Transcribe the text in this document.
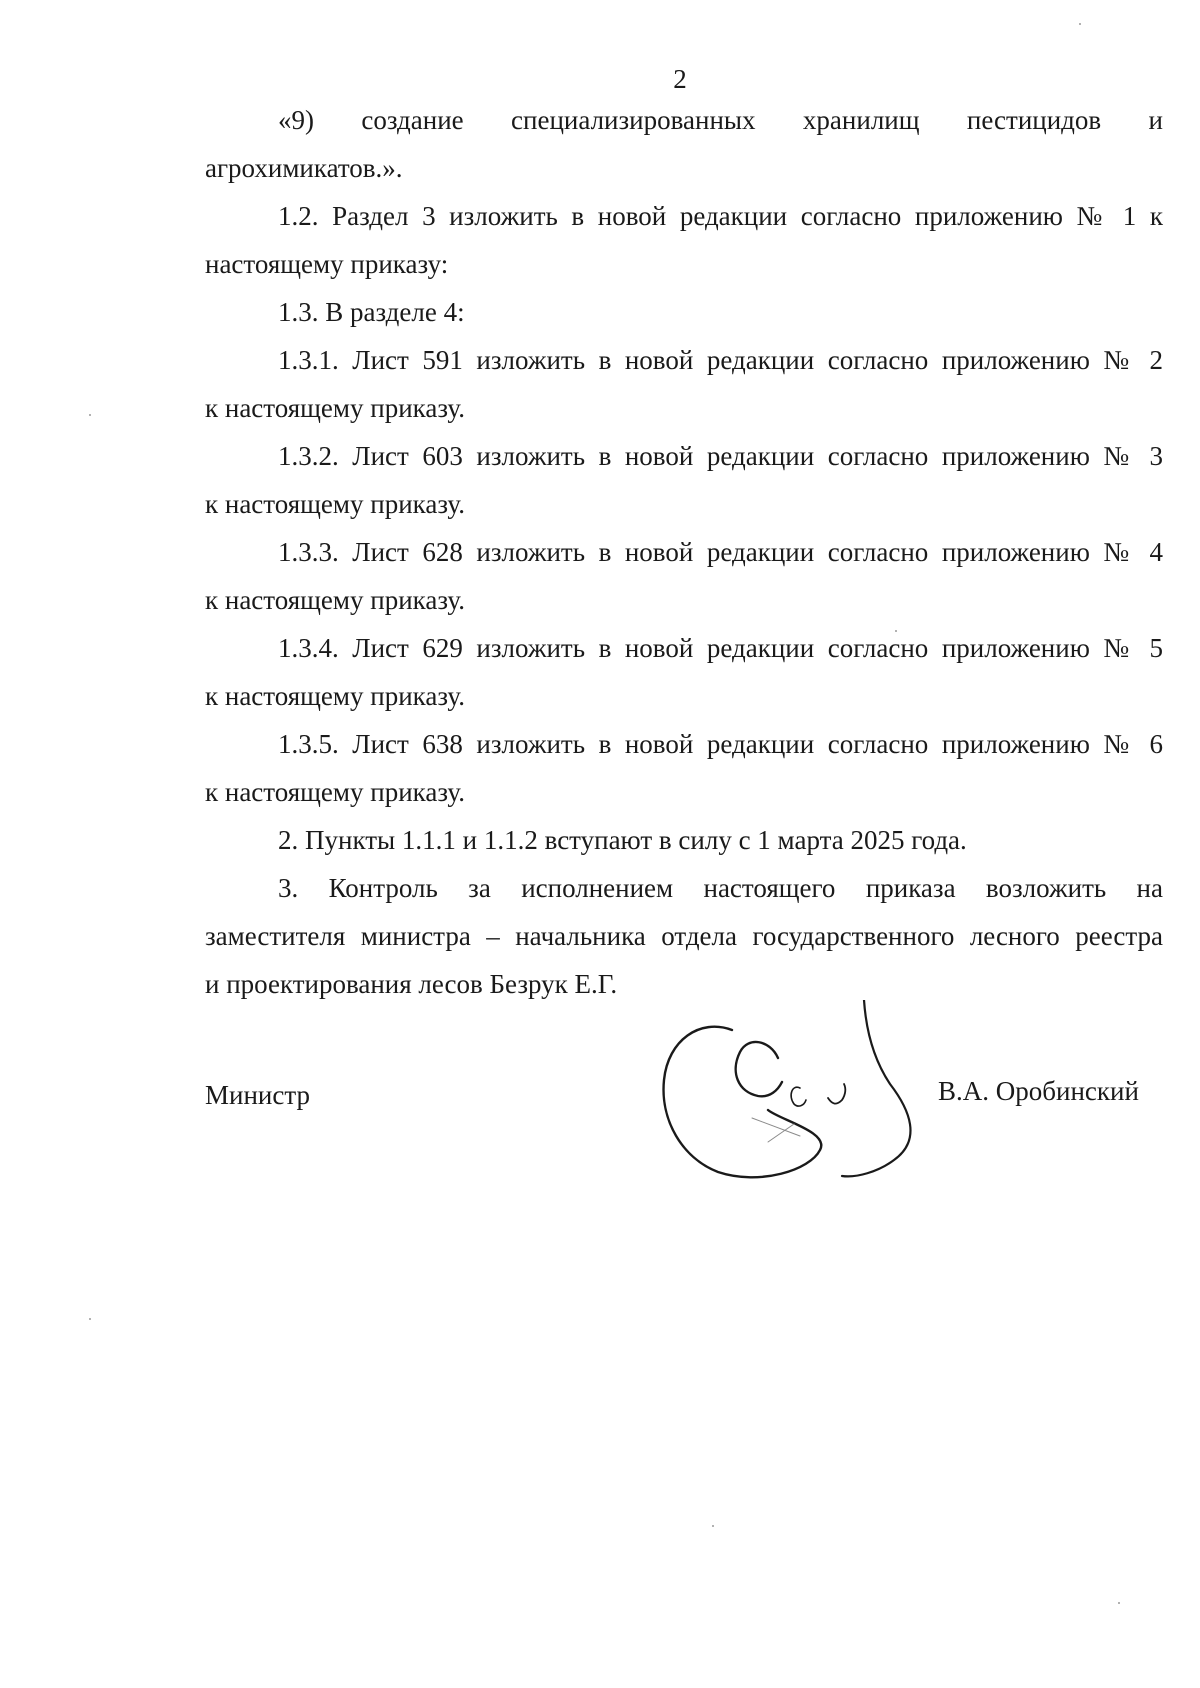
2

«9) создание специализированных хранилищ пестицидов и
агрохимикатов.».

1.2. Раздел 3 изложить в новой редакции согласно приложению № 1 к
настоящему приказу:

1.3. В разделе 4:

1.3.1. Лист 591 изложить в новой редакции согласно приложению № 2
к настоящему приказу.

1.3.2. Лист 603 изложить в новой редакции согласно приложению № 3
к настоящему приказу.

1.3.3. Лист 628 изложить в новой редакции согласно приложению № 4
к настоящему приказу.

1.3.4. Лист 629 изложить в новой редакции согласно приложению № 5
к настоящему приказу.

1.3.5. Лист 638 изложить в новой редакции согласно приложению № 6
к настоящему приказу.

2. Пункты 1.1.1 и 1.1.2 вступают в силу с 1 марта 2025 года.

3. Контроль за исполнением настоящего приказа возложить на
заместителя министра – начальника отдела государственного лесного реестра
и проектирования лесов Безрук Е.Г.

Министр	В.А. Оробинский
